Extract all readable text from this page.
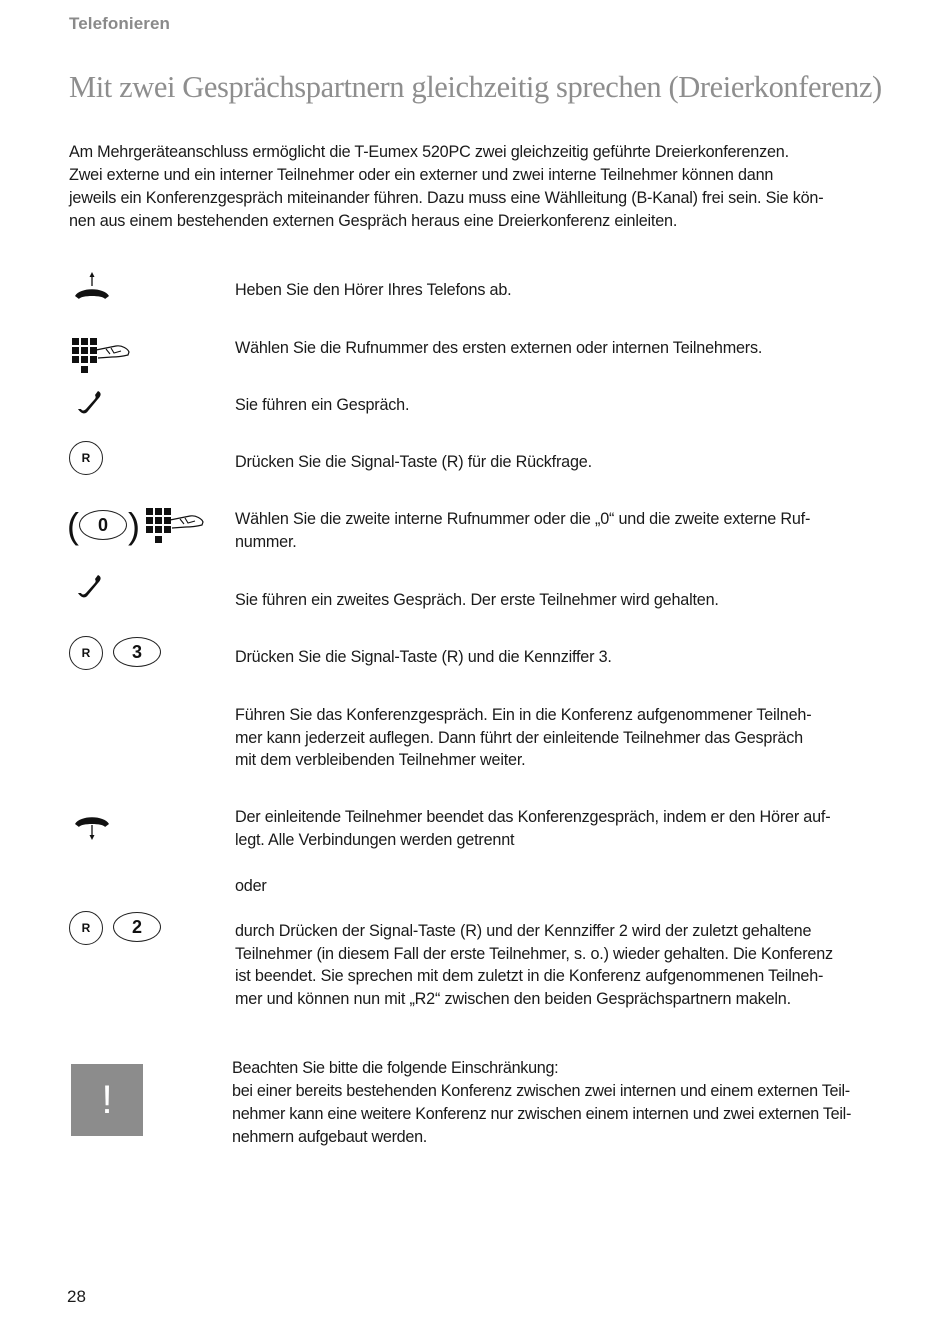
Telefonieren
Mit zwei Gesprächspartnern gleichzeitig sprechen (Dreierkonferenz)
Am Mehrgeräteanschluss ermöglicht die T-Eumex 520PC zwei gleichzeitig geführte Dreierkonferenzen.
Zwei externe und ein interner Teilnehmer oder ein externer und zwei interne Teilnehmer können dann
jeweils ein Konferenzgespräch miteinander führen. Dazu muss eine Wählleitung (B-Kanal) frei sein. Sie kön-
nen aus einem bestehenden externen Gespräch heraus eine Dreierkonferenz einleiten.
Heben Sie den Hörer Ihres Telefons ab.
Wählen Sie die Rufnummer des ersten externen oder internen Teilnehmers.
Sie führen ein Gespräch.
R	Drücken Sie die Signal-Taste (R) für die Rückfrage.
( 0 )	Wählen Sie die zweite interne Rufnummer oder die „0“ und die zweite externe Ruf-
nummer.
Sie führen ein zweites Gespräch. Der erste Teilnehmer wird gehalten.
R 3	Drücken Sie die Signal-Taste (R) und die Kennziffer 3.
Führen Sie das Konferenzgespräch. Ein in die Konferenz aufgenommener Teilneh-
mer kann jederzeit auflegen. Dann führt der einleitende Teilnehmer das Gespräch
mit dem verbleibenden Teilnehmer weiter.
Der einleitende Teilnehmer beendet das Konferenzgespräch, indem er den Hörer auf-
legt. Alle Verbindungen werden getrennt
oder
R 2	durch Drücken der Signal-Taste (R) und der Kennziffer 2 wird der zuletzt gehaltene
Teilnehmer (in diesem Fall der erste Teilnehmer, s. o.) wieder gehalten. Die Konferenz
ist beendet. Sie sprechen mit dem zuletzt in die Konferenz aufgenommenen Teilneh-
mer und können nun mit „R2“ zwischen den beiden Gesprächspartnern makeln.
!
Beachten Sie bitte die folgende Einschränkung:
bei einer bereits bestehenden Konferenz zwischen zwei internen und einem externen Teil-
nehmer kann eine weitere Konferenz nur zwischen einem internen und zwei externen Teil-
nehmern aufgebaut werden.
28
